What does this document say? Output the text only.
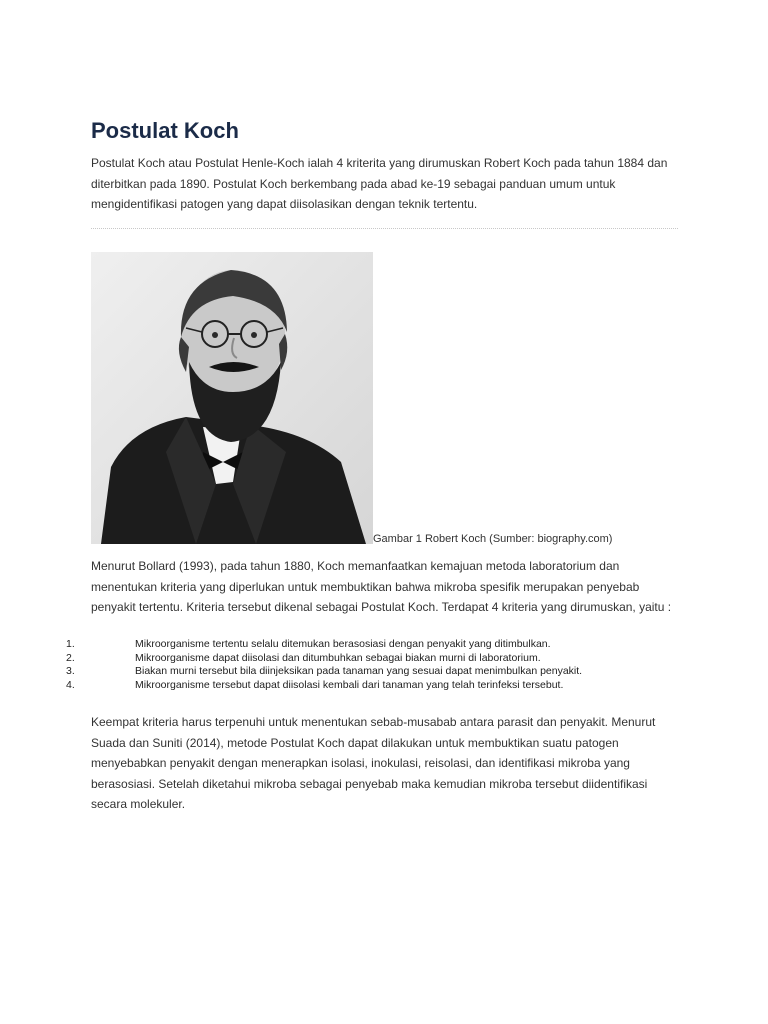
Postulat Koch

Postulat Koch atau Postulat Henle-Koch ialah 4 kriterita yang dirumuskan Robert Koch pada tahun 1884 dan
diterbitkan pada 1890. Postulat Koch berkembang pada abad ke-19 sebagai panduan umum untuk
mengidentifikasi patogen yang dapat diisolasikan dengan teknik tertentu.

Gambar 1 Robert Koch (Sumber: biography.com)

Menurut Bollard (1993), pada tahun 1880, Koch memanfaatkan kemajuan metoda laboratorium dan
menentukan kriteria yang diperlukan untuk membuktikan bahwa mikroba spesifik merupakan penyebab
penyakit tertentu. Kriteria tersebut dikenal sebagai Postulat Koch. Terdapat 4 kriteria yang dirumuskan, yaitu :

1.	Mikroorganisme tertentu selalu ditemukan berasosiasi dengan penyakit yang ditimbulkan.
2.	Mikroorganisme dapat diisolasi dan ditumbuhkan sebagai biakan murni di laboratorium.
3.	Biakan murni tersebut bila diinjeksikan pada tanaman yang sesuai dapat menimbulkan penyakit.
4.	Mikroorganisme tersebut dapat diisolasi kembali dari tanaman yang telah terinfeksi tersebut.

Keempat kriteria harus terpenuhi untuk menentukan sebab-musabab antara parasit dan penyakit. Menurut
Suada dan Suniti (2014), metode Postulat Koch dapat dilakukan untuk membuktikan suatu patogen
menyebabkan penyakit dengan menerapkan isolasi, inokulasi, reisolasi, dan identifikasi mikroba yang
berasosiasi. Setelah diketahui mikroba sebagai penyebab maka kemudian mikroba tersebut diidentifikasi
secara molekuler.
